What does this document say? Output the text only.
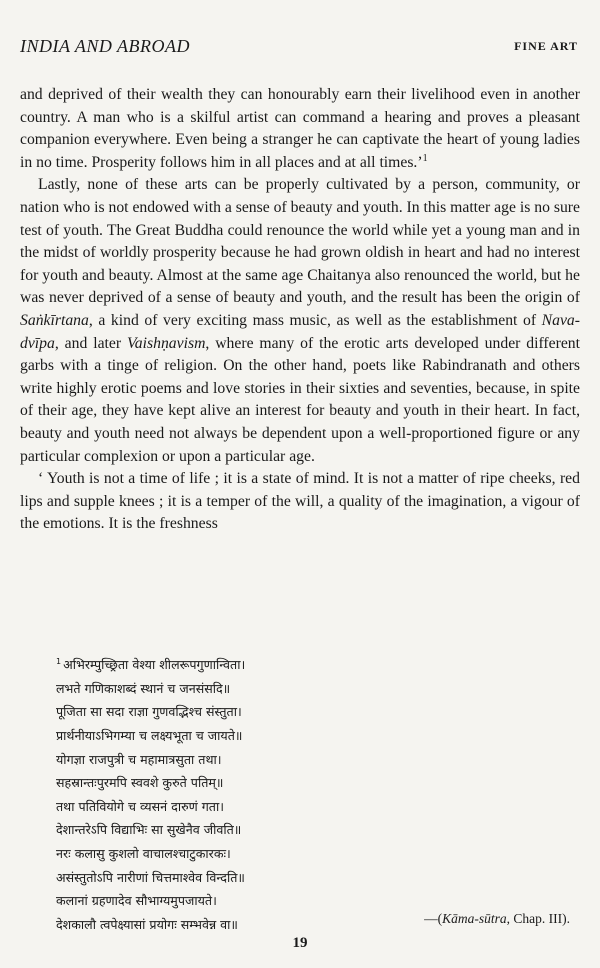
INDIA AND ABROAD	FINE ART

and deprived of their wealth they can honourably earn their livelihood even in another country. A man who is a skilful artist can command a hearing and proves a pleasant companion everywhere. Even being a stranger he can captivate the heart of young ladies in no time. Prosperity follows him in all places and at all times.’$^1$

Lastly, none of these arts can be properly cultivated by a person, community, or nation who is not endowed with a sense of beauty and youth. In this matter age is no sure test of youth. The Great Buddha could renounce the world while yet a young man and in the midst of worldly prosperity because he had grown oldish in heart and had no interest for youth and beauty. Almost at the same age Chaitanya also renounced the world, but he was never deprived of a sense of beauty and youth, and the result has been the origin of Saṅkīrtana, a kind of very exciting mass music, as well as the establishment of Nava-dvīpa, and later Vaishṇavism, where many of the erotic arts developed under different garbs with a tinge of religion. On the other hand, poets like Rabindranath and others write highly erotic poems and love stories in their sixties and seventies, because, in spite of their age, they have kept alive an interest for beauty and youth in their heart. In fact, beauty and youth need not always be dependent upon a well-proportioned figure or any particular complexion or upon a particular age.

‘ Youth is not a time of life ; it is a state of mind. It is not a matter of ripe cheeks, red lips and supple knees ; it is a temper of the will, a quality of the imagination, a vigour of the emotions. It is the freshness

$^1$ अभिरम्पुच्छ्रिता वेश्या शीलरूपगुणान्विता।
लभते गणिकाशब्दं स्थानं च जनसंसदि॥
पूजिता सा सदा राज्ञा गुणवद्भिश्च संस्तुता।
प्रार्थनीयाऽभिगम्या च लक्ष्यभूता च जायते॥
योगज्ञा राजपुत्री च महामात्रसुता तथा।
सहस्रान्तःपुरमपि स्ववशे कुरुते पतिम्॥
तथा पतिवियोगे च व्यसनं दारुणं गता।
देशान्तरेऽपि विद्याभिः सा सुखेनैव जीवति॥
नरः कलासु कुशलो वाचालश्चाटुकारकः।
असंस्तुतोऽपि नारीणां चित्तमाश्वेव विन्दति॥
कलानां ग्रहणादेव सौभाग्यमुपजायते।
देशकालौ त्वपेक्ष्यासां प्रयोगः सम्भवेन्न वा॥	—(Kāma-sūtra, Chap. III).
19
